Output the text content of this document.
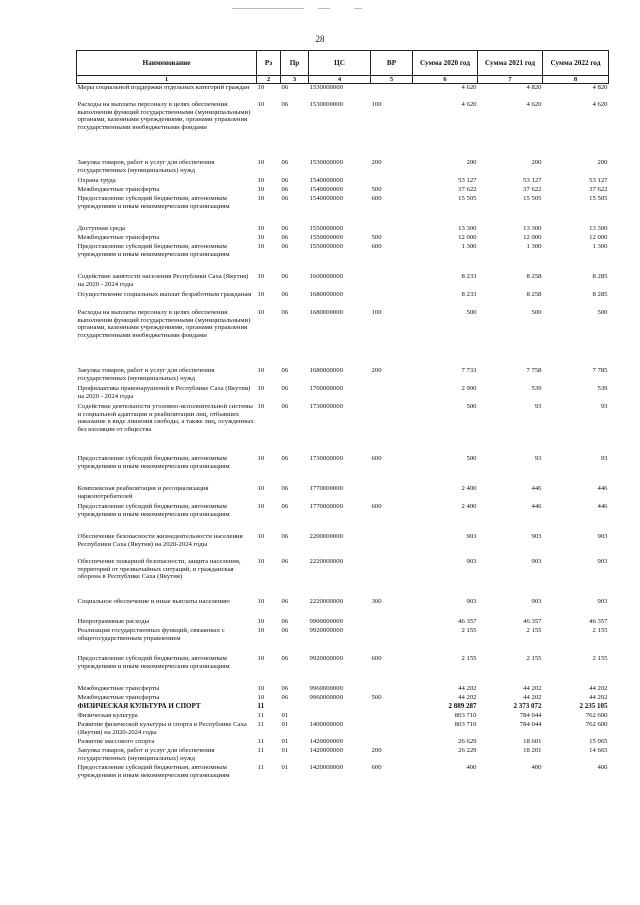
28
Наименование	Рз	Пр	ЦС	ВР	Сумма 2020 год	Сумма 2021 год	Сумма 2022 год
1	2	3	4	5	6	7	8
Меры социальной поддержки отдельных категорий граждан	10	06	1530000000		4 620	4 820	4 820
Расходы на выплаты персоналу в целях обеспечения выполнения функций государственными (муниципальными) органами, казенными учреждениями, органами управления государственными внебюджетными фондами	10	06	1530000000	100	4 620	4 620	4 620
Закупка товаров, работ и услуг для обеспечения государственных (муниципальных) нужд	10	06	1530000000	200	200	200	200
Охрана труда	10	06	1540000000		53 127	53 127	53 127
Межбюджетные трансферты	10	06	1540000000	500	37 622	37 622	37 622
Предоставление субсидий бюджетным, автономным учреждениям и иным некоммерческим организациям	10	06	1540000000	600	15 505	15 505	15 505
Доступная среда	10	06	1550000000		13 300	13 300	13 300
Межбюджетные трансферты	10	06	1550000000	500	12 000	12 000	12 000
Предоставление субсидий бюджетным, автономным учреждениям и иным некоммерческим организациям	10	06	1550000000	600	1 300	1 300	1 300
Содействие занятости населения Республики Саха (Якутия) на 2020 - 2024 годы	10	06	1600000000		8 233	8 258	8 285
Осуществление социальных выплат безработным гражданам	10	06	1680000000		8 233	8 258	8 285
Расходы на выплаты персоналу в целях обеспечения выполнения функций государственными (муниципальными) органами, казенными учреждениями, органами управления государственными внебюджетными фондами	10	06	1680000000	100	500	500	500
Закупка товаров, работ и услуг для обеспечения государственных (муниципальных) нужд	10	06	1680000000	200	7 733	7 758	7 785
Профилактика правонарушений в Республике Саха (Якутия) на 2020 - 2024 годы	10	06	1700000000		2 900	539	539
Содействие деятельности уголовно-исполнительной системы и социальной адаптации и реабилитации лиц, отбывших наказание в виде лишения свободы, а также лиц, осужденных без изоляции от общества	10	06	1730000000		500	93	93
Предоставление субсидий бюджетным, автономным учреждениям и иным некоммерческим организациям	10	06	1730000000	600	500	93	93
Комплексная реабилитация и ресоциализация наркопотребителей	10	06	1770000000		2 400	446	446
Предоставление субсидий бюджетным, автономным учреждениям и иным некоммерческим организациям	10	06	1770000000	600	2 400	446	446
Обеспечение безопасности жизнедеятельности населения Республики Саха (Якутия) на 2020-2024 годы	10	06	2200000000		903	903	903
Обеспечение пожарной безопасности, защита населения, территорий от чрезвычайных ситуаций, и гражданская оборона в Республике Саха (Якутия)	10	06	2220000000		903	903	903
Социальное обеспечение и иные выплаты населению	10	06	2220000000	300	903	903	903
Непрограммные расходы	10	06	9900000000		46 357	46 357	46 357
Реализация государственных функций, связанных с общегосударственным управлением	10	06	9920000000		2 155	2 155	2 155
Предоставление субсидий бюджетным, автономным учреждениям и иным некоммерческим организациям	10	06	9920000000	600	2 155	2 155	2 155
Межбюджетные трансферты	10	06	9960000000		44 202	44 202	44 202
Межбюджетные трансферты	10	06	9960000000	500	44 202	44 202	44 202
ФИЗИЧЕСКАЯ КУЛЬТУРА И СПОРТ	11				2 889 287	2 373 072	2 235 105
Физическая культура	11	01			803 710	784 044	762 600
Развитие физической культуры и спорта в Республике Саха (Якутия) на 2020-2024 годы	11	01	1400000000		803 710	784 044	762 600
Развитие массового спорта	11	01	1420000000		26 629	18 601	15 065
Закупка товаров, работ и услуг для обеспечения государственных (муниципальных) нужд	11	01	1420000000	200	26 229	18 201	14 665
Предоставление субсидий бюджетным, автономным учреждениям и иным некоммерческим организациям	11	01	1420000000	600	400	400	400
